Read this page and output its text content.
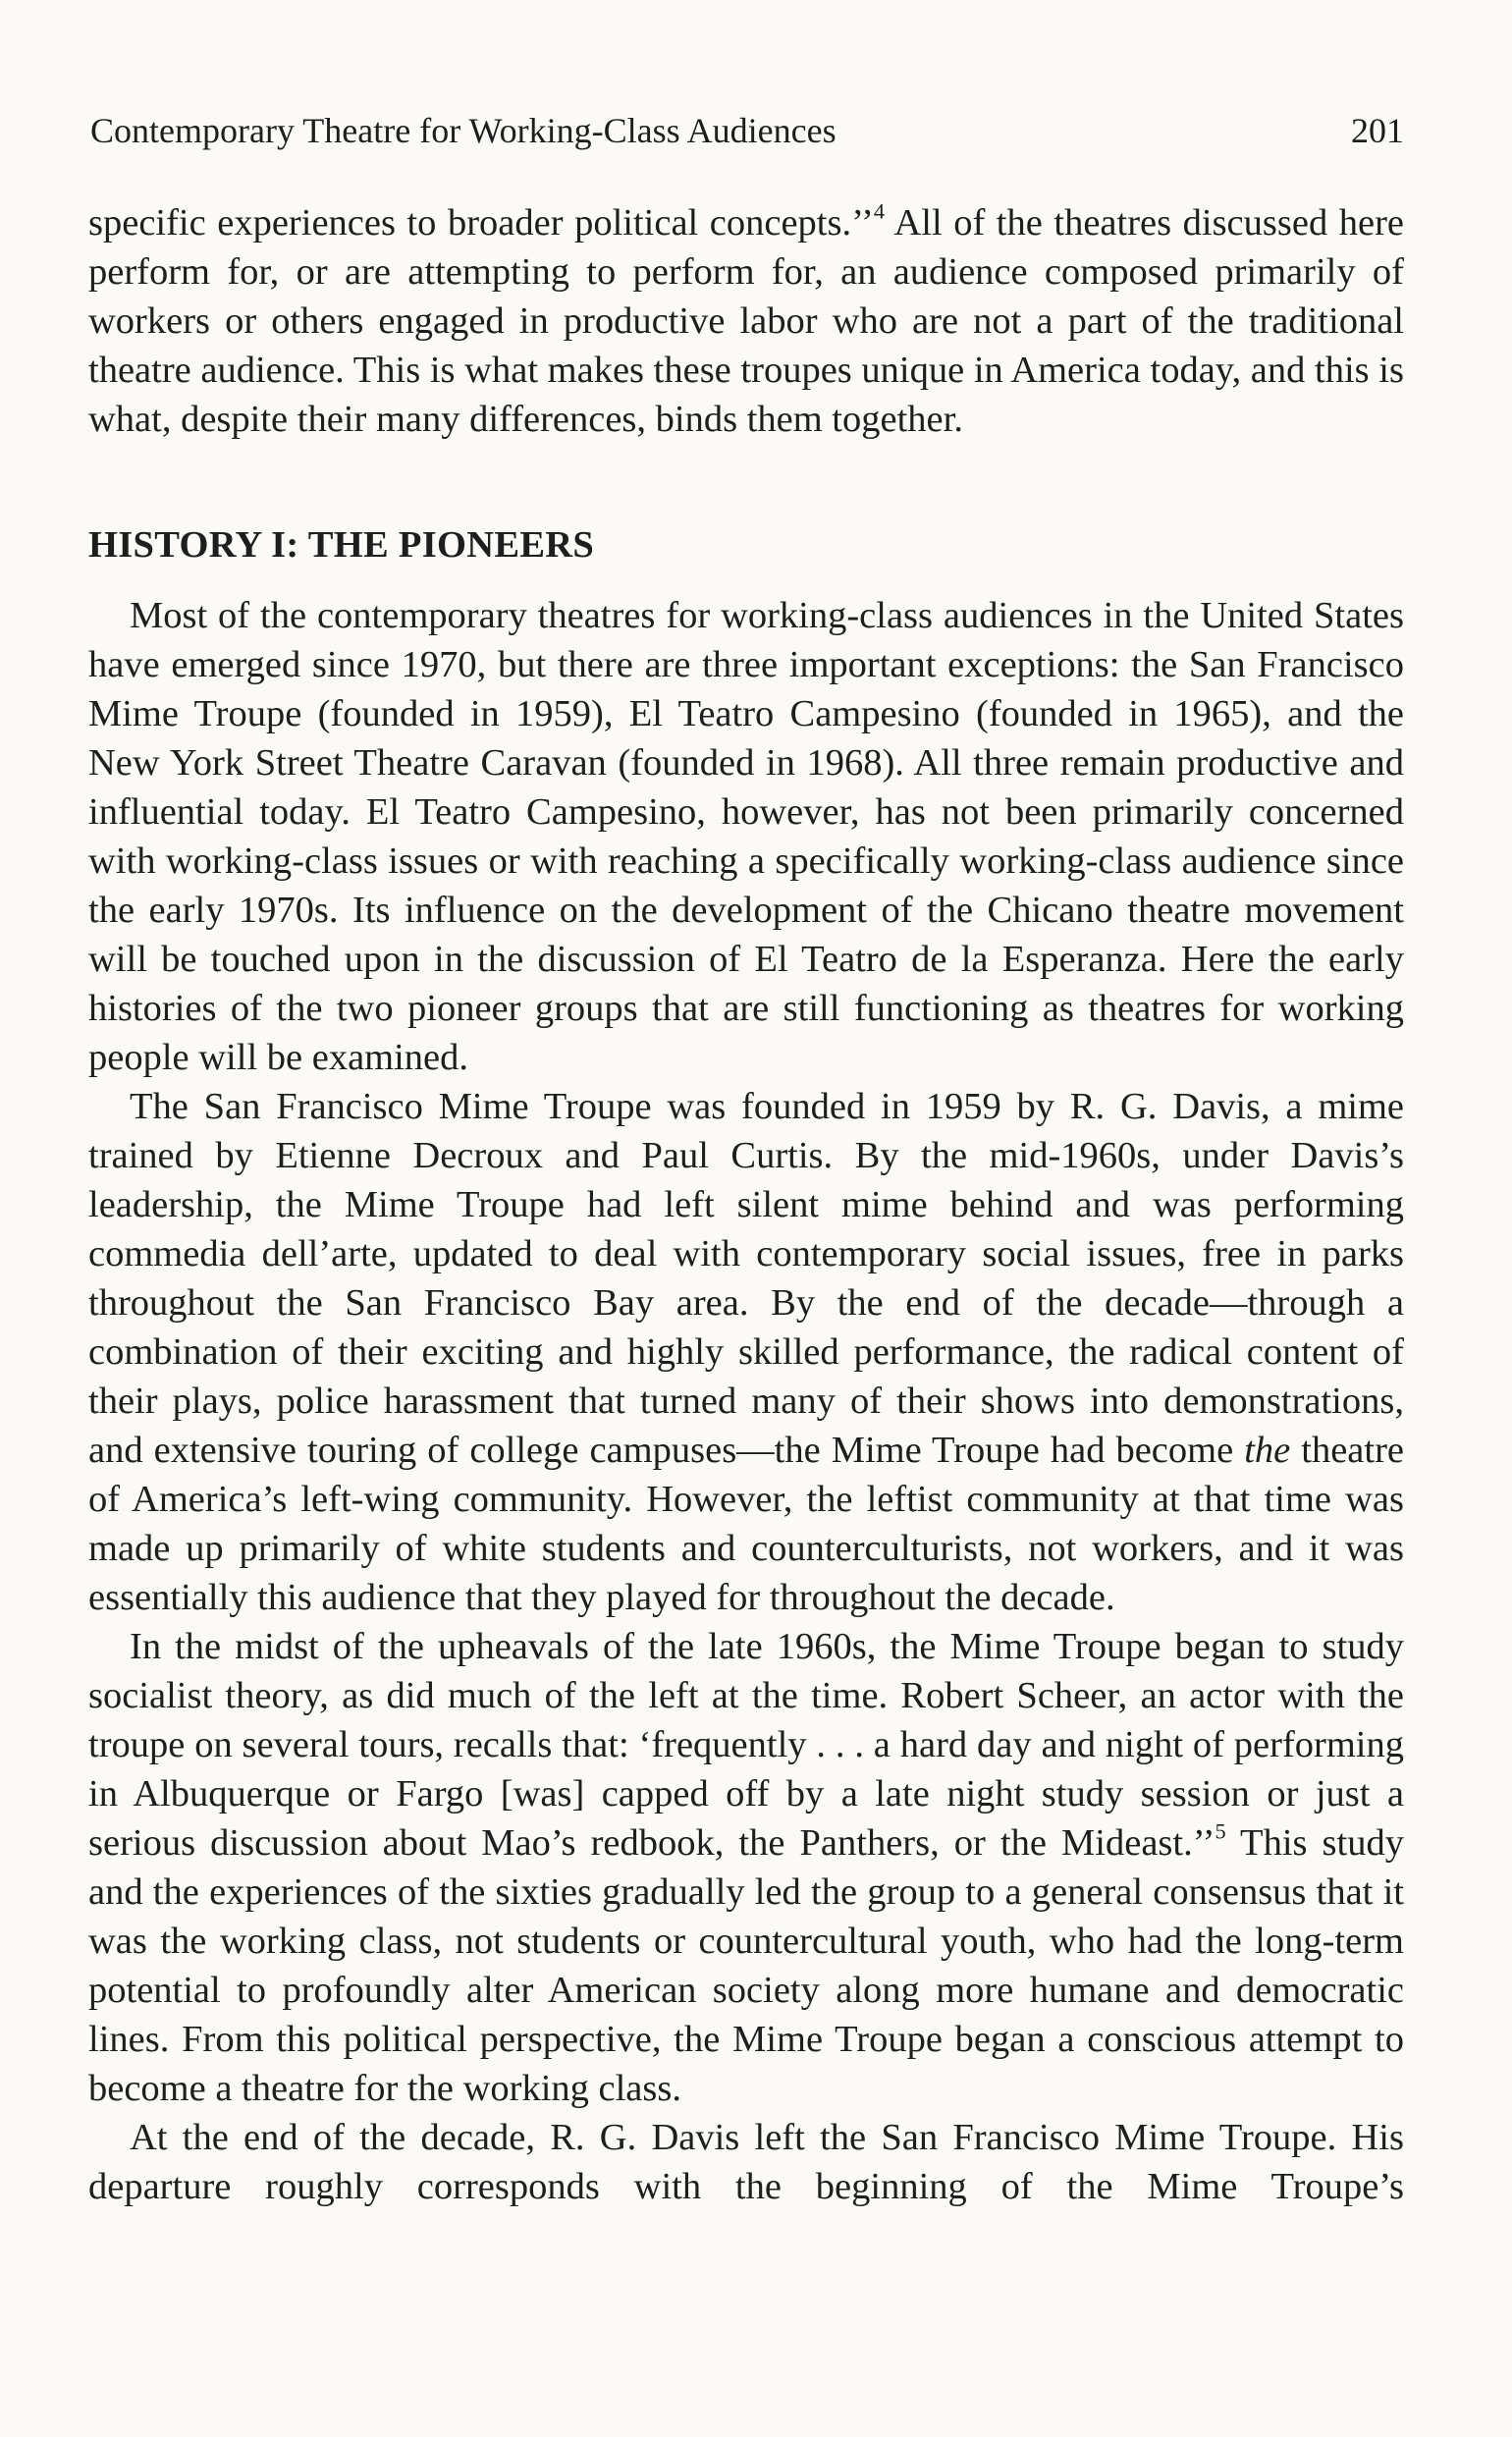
Contemporary Theatre for Working-Class Audiences	201

specific experiences to broader political concepts.’’$^4$ All of the theatres discussed here perform for, or are attempting to perform for, an audience composed primarily of workers or others engaged in productive labor who are not a part of the traditional theatre audience. This is what makes these troupes unique in America today, and this is what, despite their many differences, binds them together.

HISTORY I: THE PIONEERS

Most of the contemporary theatres for working-class audiences in the United States have emerged since 1970, but there are three important exceptions: the San Francisco Mime Troupe (founded in 1959), El Teatro Campesino (founded in 1965), and the New York Street Theatre Caravan (founded in 1968). All three remain productive and influential today. El Teatro Campesino, however, has not been primarily concerned with working-class issues or with reaching a specifically working-class audience since the early 1970s. Its influence on the development of the Chicano theatre movement will be touched upon in the discussion of El Teatro de la Esperanza. Here the early histories of the two pioneer groups that are still functioning as theatres for working people will be examined.

The San Francisco Mime Troupe was founded in 1959 by R. G. Davis, a mime trained by Etienne Decroux and Paul Curtis. By the mid-1960s, under Davis’s leadership, the Mime Troupe had left silent mime behind and was performing commedia dell’arte, updated to deal with contemporary social issues, free in parks throughout the San Francisco Bay area. By the end of the decade—through a combination of their exciting and highly skilled performance, the radical content of their plays, police harassment that turned many of their shows into demonstrations, and extensive touring of college campuses—the Mime Troupe had become the theatre of America’s left-wing community. However, the leftist community at that time was made up primarily of white students and counterculturists, not workers, and it was essentially this audience that they played for throughout the decade.

In the midst of the upheavals of the late 1960s, the Mime Troupe began to study socialist theory, as did much of the left at the time. Robert Scheer, an actor with the troupe on several tours, recalls that: ‘frequently . . . a hard day and night of performing in Albuquerque or Fargo [was] capped off by a late night study session or just a serious discussion about Mao’s redbook, the Panthers, or the Mideast.’’$^5$ This study and the experiences of the sixties gradually led the group to a general consensus that it was the working class, not students or countercultural youth, who had the long-term potential to profoundly alter American society along more humane and democratic lines. From this political perspective, the Mime Troupe began a conscious attempt to become a theatre for the working class.

At the end of the decade, R. G. Davis left the San Francisco Mime Troupe. His departure roughly corresponds with the beginning of the Mime Troupe’s
